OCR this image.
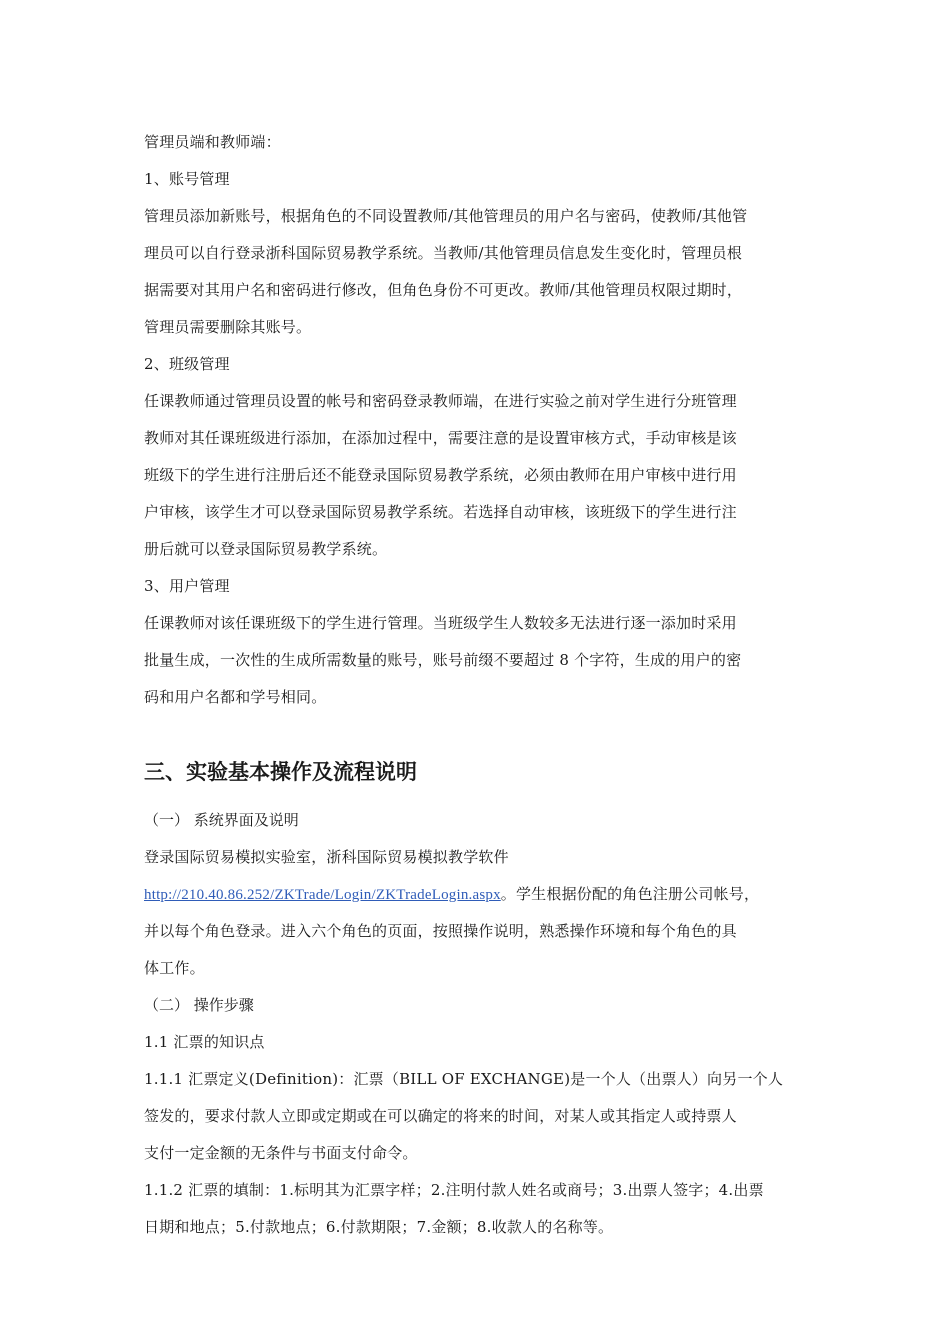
管理员端和教师端：
1、账号管理
管理员添加新账号，根据角色的不同设置教师/其他管理员的用户名与密码，使教师/其他管
理员可以自行登录浙科国际贸易教学系统。当教师/其他管理员信息发生变化时，管理员根
据需要对其用户名和密码进行修改，但角色身份不可更改。教师/其他管理员权限过期时，
管理员需要删除其账号。
2、班级管理
任课教师通过管理员设置的帐号和密码登录教师端，在进行实验之前对学生进行分班管理
教师对其任课班级进行添加，在添加过程中，需要注意的是设置审核方式，手动审核是该
班级下的学生进行注册后还不能登录国际贸易教学系统，必须由教师在用户审核中进行用
户审核，该学生才可以登录国际贸易教学系统。若选择自动审核，该班级下的学生进行注
册后就可以登录国际贸易教学系统。
3、用户管理
任课教师对该任课班级下的学生进行管理。当班级学生人数较多无法进行逐一添加时采用
批量生成，一次性的生成所需数量的账号，账号前缀不要超过 8 个字符，生成的用户的密
码和用户名都和学号相同。
三、实验基本操作及流程说明
（一） 系统界面及说明
登录国际贸易模拟实验室，浙科国际贸易模拟教学软件
http://210.40.86.252/ZKTrade/Login/ZKTradeLogin.aspx。学生根据份配的角色注册公司帐号，
并以每个角色登录。进入六个角色的页面，按照操作说明，熟悉操作环境和每个角色的具
体工作。
（二） 操作步骤
1.1 汇票的知识点
1.1.1 汇票定义(Definition)：汇票（BILL OF EXCHANGE)是一个人（出票人）向另一个人
签发的，要求付款人立即或定期或在可以确定的将来的时间，对某人或其指定人或持票人
支付一定金额的无条件与书面支付命令。
1.1.2 汇票的填制：1.标明其为汇票字样；2.注明付款人姓名或商号；3.出票人签字；4.出票
日期和地点；5.付款地点；6.付款期限；7.金额；8.收款人的名称等。
